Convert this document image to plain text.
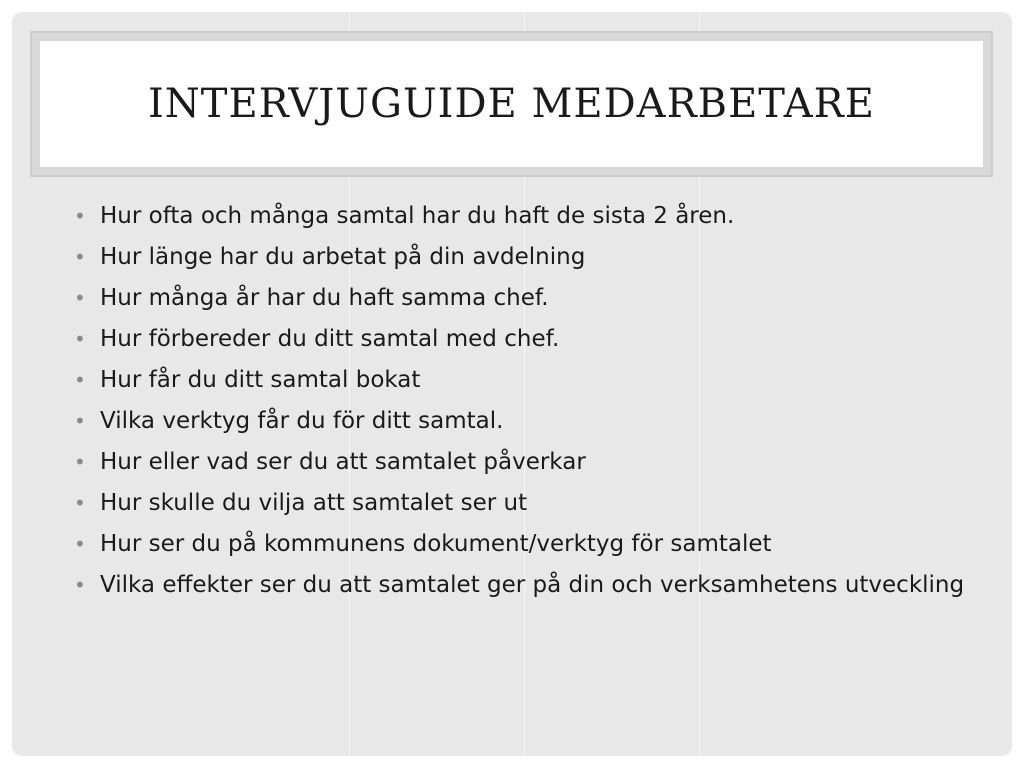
INTERVJUGUIDE MEDARBETARE
• Hur ofta och många samtal har du haft de sista 2 åren.
• Hur länge har du arbetat på din avdelning
• Hur många år har du haft samma chef.
• Hur förbereder du ditt samtal med chef.
• Hur får du ditt samtal bokat
• Vilka verktyg får du för ditt samtal.
• Hur eller vad ser du att samtalet påverkar
• Hur skulle du vilja att samtalet ser ut
• Hur ser du på kommunens dokument/verktyg för samtalet
• Vilka effekter ser du att samtalet ger på din och verksamhetens utveckling
